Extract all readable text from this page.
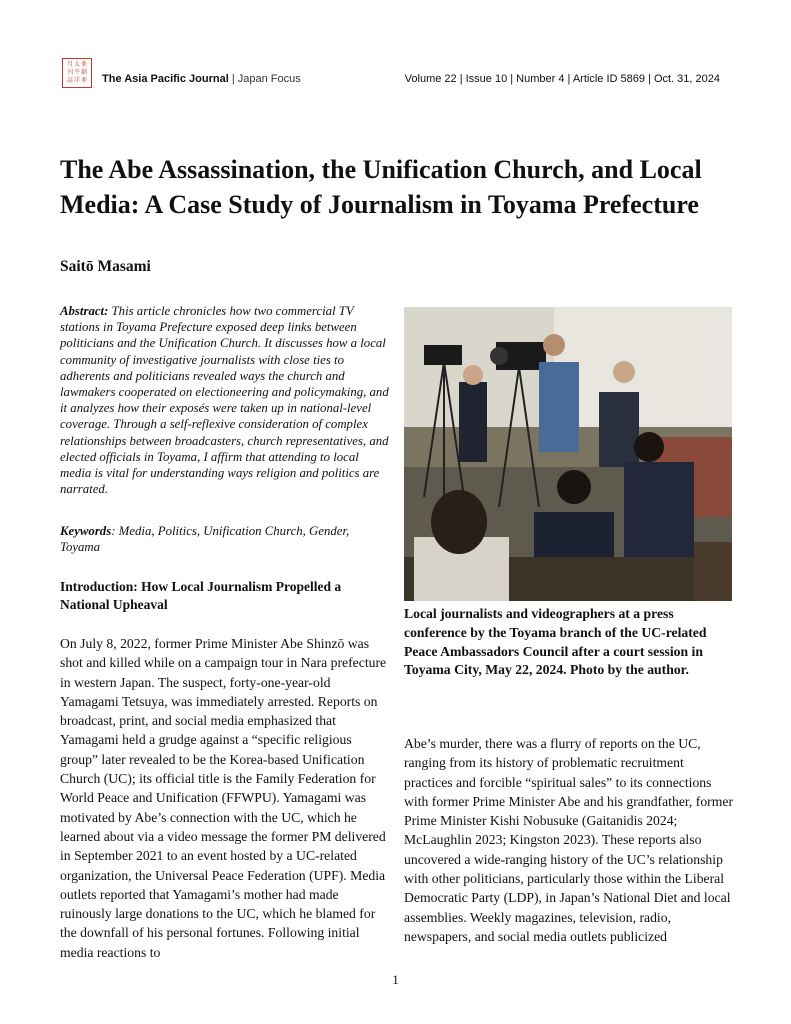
月 太 亜
刊 平 細
誌 洋 亜 The Asia Pacific Journal | Japan Focus	Volume 22 | Issue 10 | Number 4 | Article ID 5869 | Oct. 31, 2024
The Abe Assassination, the Unification Church, and Local Media: A Case Study of Journalism in Toyama Prefecture

Saitō Masami

Abstract: This article chronicles how two commercial TV stations in Toyama Prefecture exposed deep links between politicians and the Unification Church. It discusses how a local community of investigative journalists with close ties to adherents and politicians revealed ways the church and lawmakers cooperated on electioneering and policymaking, and it analyzes how their exposés were taken up in national-level coverage. Through a self-reflexive consideration of complex relationships between broadcasters, church representatives, and elected officials in Toyama, I affirm that attending to local media is vital for understanding ways religion and politics are narrated.

Keywords: Media, Politics, Unification Church, Gender, Toyama

Introduction: How Local Journalism Propelled a National Upheaval

On July 8, 2022, former Prime Minister Abe Shinzō was shot and killed while on a campaign tour in Nara prefecture in western Japan. The suspect, forty-one-year-old Yamagami Tetsuya, was immediately arrested. Reports on broadcast, print, and social media emphasized that Yamagami held a grudge against a “specific religious group” later revealed to be the Korea-based Unification Church (UC); its official title is the Family Federation for World Peace and Unification (FFWPU). Yamagami was motivated by Abe’s connection with the UC, which he learned about via a video message the former PM delivered in September 2021 to an event hosted by a UC-related organization, the Universal Peace Federation (UPF). Media outlets reported that Yamagami’s mother had made ruinously large donations to the UC, which he blamed for the downfall of his personal fortunes. Following initial media reactions to

Local journalists and videographers at a press conference by the Toyama branch of the UC-related Peace Ambassadors Council after a court session in Toyama City, May 22, 2024. Photo by the author.

Abe’s murder, there was a flurry of reports on the UC, ranging from its history of problematic recruitment practices and forcible “spiritual sales” to its connections with former Prime Minister Abe and his grandfather, former Prime Minister Kishi Nobusuke (Gaitanidis 2024; McLaughlin 2023; Kingston 2023). These reports also uncovered a wide-ranging history of the UC’s relationship with other politicians, particularly those within the Liberal Democratic Party (LDP), in Japan’s National Diet and local assemblies. Weekly magazines, television, radio, newspapers, and social media outlets publicized

1
